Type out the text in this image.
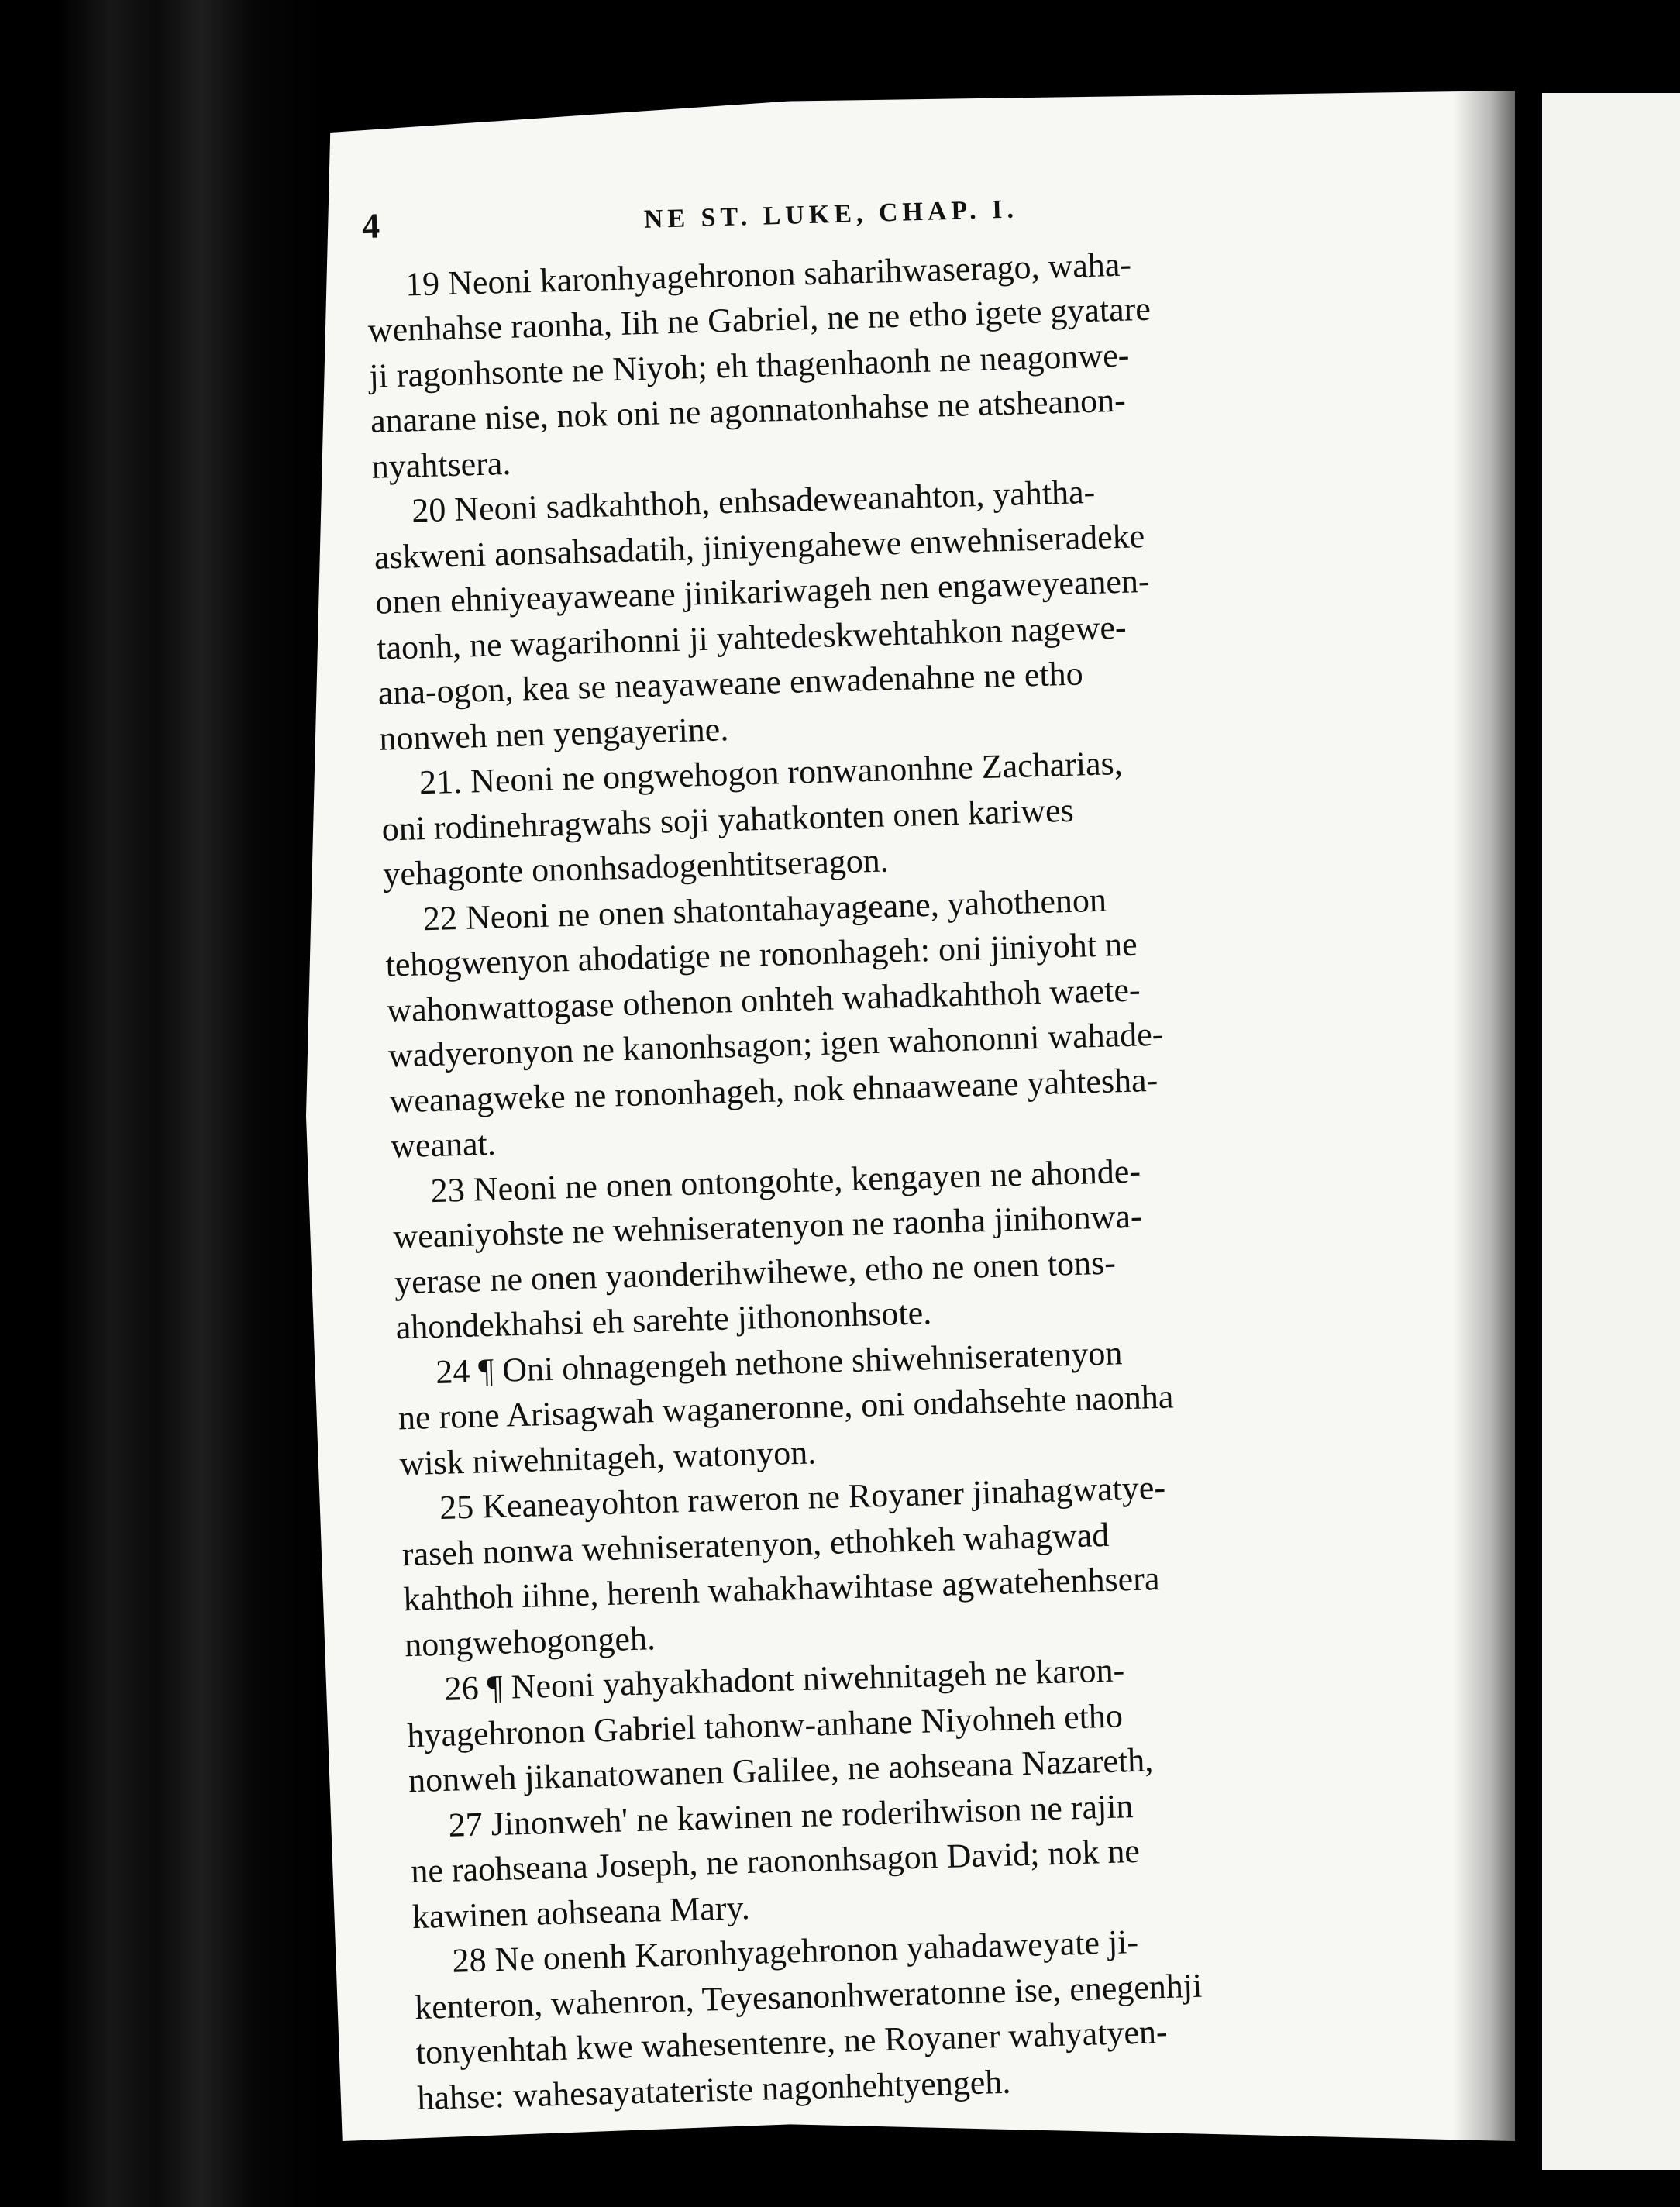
4	NE ST. LUKE, CHAP. I.
19 Neoni karonhyagehronon saharihwaserago, waha-
wenhahse raonha, Iih ne Gabriel, ne ne etho igete gyatare
ji ragonhsonte ne Niyoh; eh thagenhaonh ne neagonwe-
anarane nise, nok oni ne agonnatonhahse ne atsheanon-
nyahtsera.
20 Neoni sadkahthoh, enhsadeweanahton, yahtha-
askweni aonsahsadatih, jiniyengahewe enwehniseradeke
onen ehniyeayaweane jinikariwageh nen engaweyeanen-
taonh, ne wagarihonni ji yahtedeskwehtahkon nagewe-
ana-ogon, kea se neayaweane enwadenahne ne etho
nonweh nen yengayerine.
21. Neoni ne ongwehogon ronwanonhne Zacharias,
oni rodinehragwahs soji yahatkonten onen kariwes
yehagonte ononhsadogenhtitseragon.
22 Neoni ne onen shatontahayageane, yahothenon
tehogwenyon ahodatige ne rononhageh: oni jiniyoht ne
wahonwattogase othenon onhteh wahadkahthoh waete-
wadyeronyon ne kanonhsagon; igen wahononni wahade-
weanagweke ne rononhageh, nok ehnaaweane yahtesha-
weanat.
23 Neoni ne onen ontongohte, kengayen ne ahonde-
weaniyohste ne wehniseratenyon ne raonha jinihonwa-
yerase ne onen yaonderihwihewe, etho ne onen tons-
ahondekhahsi eh sarehte jithononhsote.
24 ¶ Oni ohnagengeh nethone shiwehniseratenyon
ne rone Arisagwah waganeronne, oni ondahsehte naonha
wisk niwehnitageh, watonyon.
25 Keaneayohton raweron ne Royaner jinahagwatye-
raseh nonwa wehniseratenyon, ethohkeh wahagwad
kahthoh iihne, herenh wahakhawihtase agwatehenhsera
nongwehogongeh.
26 ¶ Neoni yahyakhadont niwehnitageh ne karon-
hyagehronon Gabriel tahonw-anhane Niyohneh etho
nonweh jikanatowanen Galilee, ne aohseana Nazareth,
27 Jinonweh' ne kawinen ne roderihwison ne rajin
ne raohseana Joseph, ne raononhsagon David; nok ne
kawinen aohseana Mary.
28 Ne onenh Karonhyagehronon yahadaweyate ji-
kenteron, wahenron, Teyesanonhweratonne ise, enegenhji
tonyenhtah kwe wahesentenre, ne Royaner wahyatyen-
hahse: wahesayatateriste nagonhehtyengeh.
